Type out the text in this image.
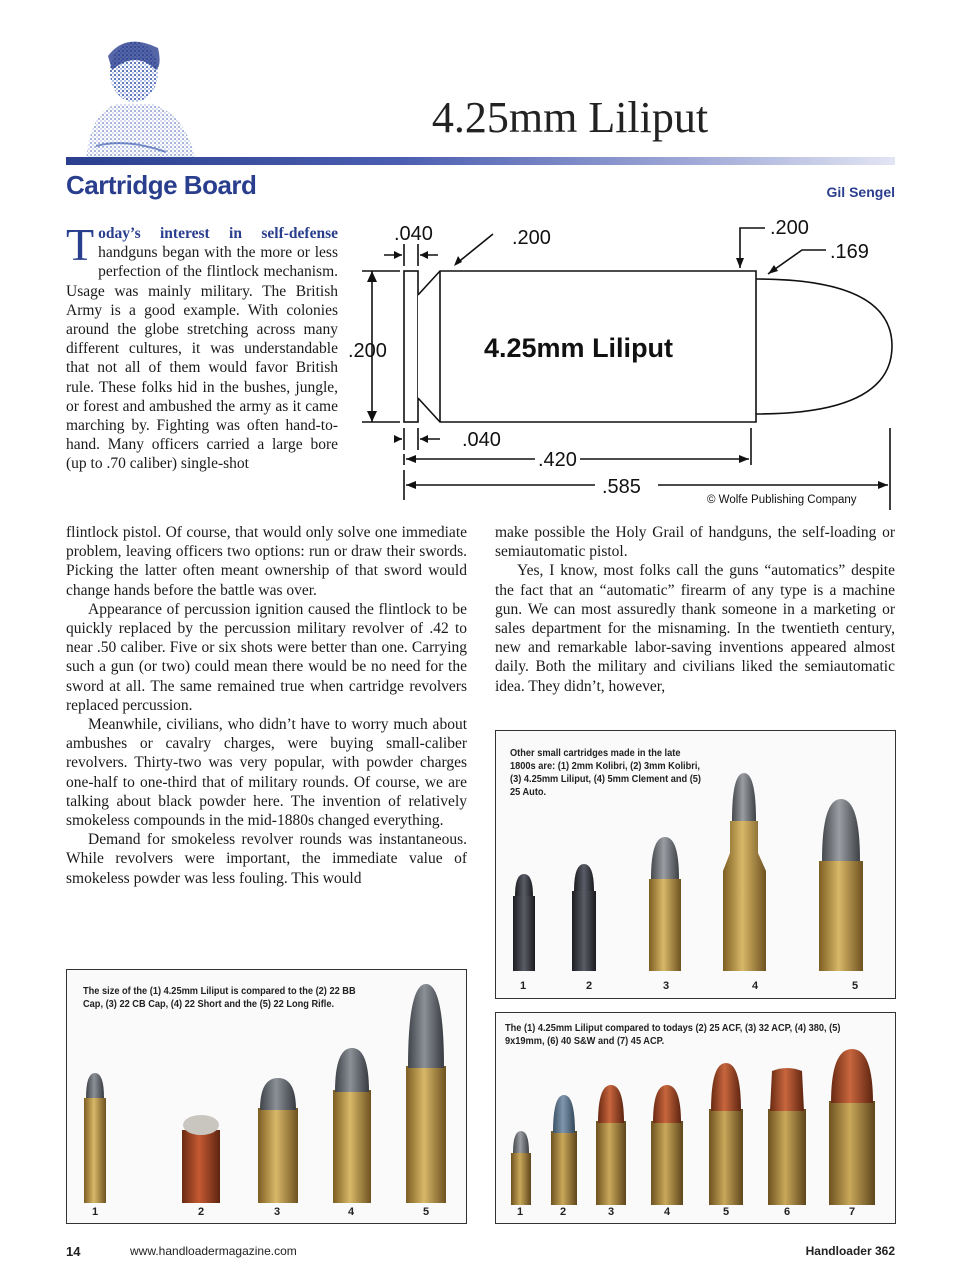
4.25mm Liliput
Cartridge Board	Gil Sengel

Today’s interest in self-defense handguns began with the more or less perfection of the flintlock mechanism. Usage was mainly military. The British Army is a good example. With colonies around the globe stretching across many different cultures, it was understandable that not all of them would favor British rule. These folks hid in the bushes, jungle, or forest and ambushed the army as it came marching by. Fighting was often hand-to-hand. Many officers carried a large bore (up to .70 caliber) single-shot

.040	.200	.200
.169
.200
.040
.420
.585
4.25mm Liliput
© Wolfe Publishing Company

flintlock pistol. Of course, that would only solve one immediate problem, leaving officers two options: run or draw their swords. Picking the latter often meant ownership of that sword would change hands before the battle was over.

Appearance of percussion ignition caused the flintlock to be quickly replaced by the percussion military revolver of .42 to near .50 caliber. Five or six shots were better than one. Carrying such a gun (or two) could mean there would be no need for the sword at all. The same remained true when cartridge revolvers replaced percussion.

Meanwhile, civilians, who didn’t have to worry much about ambushes or cavalry charges, were buying small-caliber revolvers. Thirty-two was very popular, with powder charges one-half to one-third that of military rounds. Of course, we are talking about black powder here. The invention of relatively smokeless compounds in the mid-1880s changed everything.

Demand for smokeless revolver rounds was instantaneous. While revolvers were important, the immediate value of smokeless powder was less fouling. This would

make possible the Holy Grail of handguns, the self-loading or semiautomatic pistol.

Yes, I know, most folks call the guns “automatics” despite the fact that an “automatic” firearm of any type is a machine gun. We can most assuredly thank someone in a marketing or sales department for the misnaming. In the twentieth century, new and remarkable labor-saving inventions appeared almost daily. Both the military and civilians liked the semiautomatic idea. They didn’t, however,

Other small cartridges made in the late 1800s are: (1) 2mm Kolibri, (2) 3mm Kolibri, (3) 4.25mm Liliput, (4) 5mm Clement and (5) 25 Auto.
1	2	3	4	5
The size of the (1) 4.25mm Liliput is compared to the (2) 22 BB Cap, (3) 22 CB Cap, (4) 22 Short and the (5) 22 Long Rifle.
1	2	3	4	5
The (1) 4.25mm Liliput compared to todays (2) 25 ACF, (3) 32 ACP, (4) 380, (5) 9x19mm, (6) 40 S&W and (7) 45 ACP.
1	2	3	4	5	6	7
14	www.handloadermagazine.com	Handloader 362
